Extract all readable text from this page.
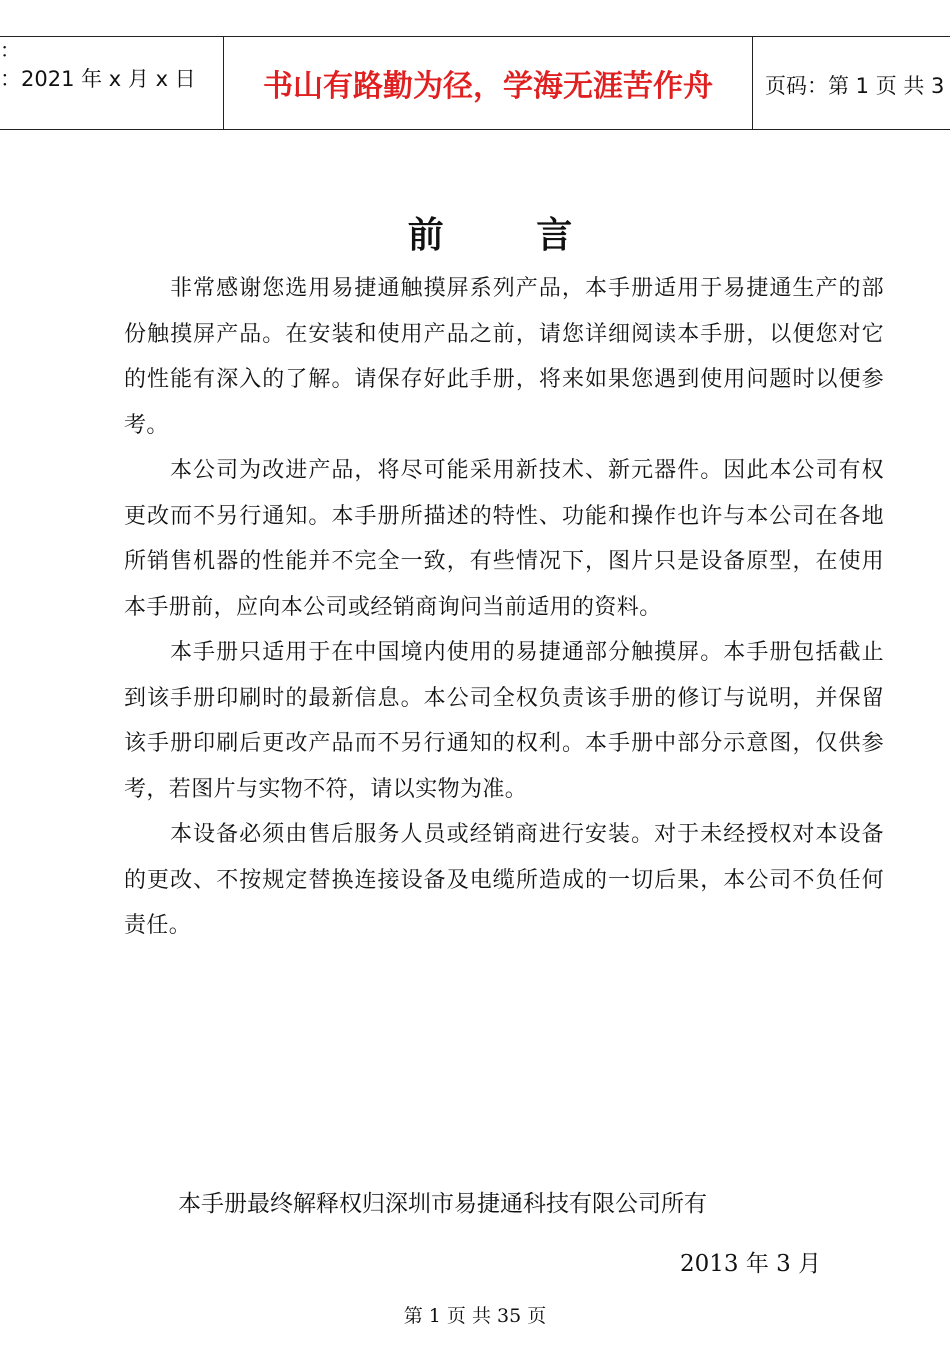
：
：2021 年 x 月 x 日 书山有路勤为径，学海无涯苦作舟 页码：第 1 页 共 3
前 言

非常感谢您选用易捷通触摸屏系列产品，本手册适用于易捷通生产的部份触摸屏产品。在安装和使用产品之前，请您详细阅读本手册，以便您对它的性能有深入的了解。请保存好此手册，将来如果您遇到使用问题时以便参考。

本公司为改进产品，将尽可能采用新技术、新元器件。因此本公司有权更改而不另行通知。本手册所描述的特性、功能和操作也许与本公司在各地所销售机器的性能并不完全一致，有些情况下，图片只是设备原型，在使用本手册前，应向本公司或经销商询问当前适用的资料。

本手册只适用于在中国境内使用的易捷通部分触摸屏。本手册包括截止到该手册印刷时的最新信息。本公司全权负责该手册的修订与说明，并保留该手册印刷后更改产品而不另行通知的权利。本手册中部分示意图，仅供参考，若图片与实物不符，请以实物为准。

本设备必须由售后服务人员或经销商进行安装。对于未经授权对本设备的更改、不按规定替换连接设备及电缆所造成的一切后果，本公司不负任何责任。

本手册最终解释权归深圳市易捷通科技有限公司所有
2013 年 3 月
第 1 页 共 35 页
